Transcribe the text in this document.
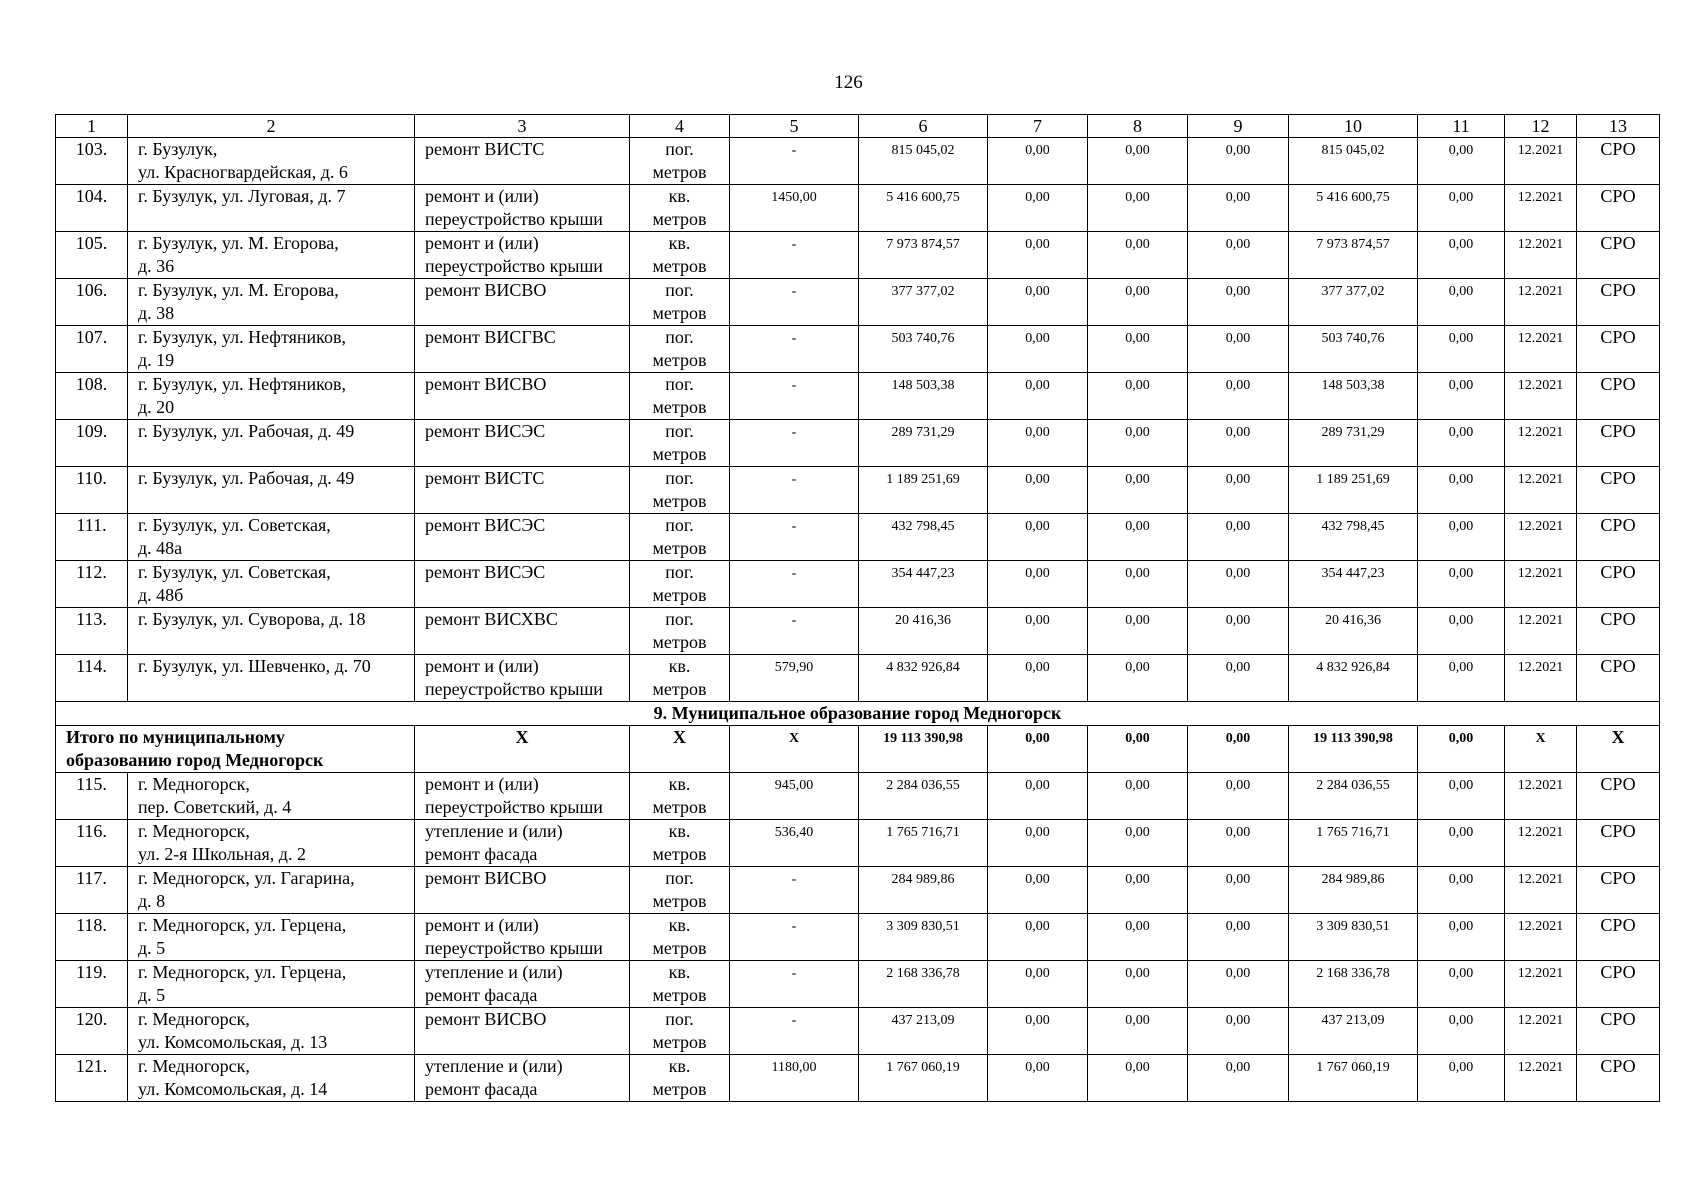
126
1	2	3	4	5	6	7	8	9	10	11	12	13
103.	г. Бузулук,
ул. Красногвардейская, д. 6	ремонт ВИСТС	пог.
метров	-	815 045,02	0,00	0,00	0,00	815 045,02	0,00	12.2021	СРО
104.	г. Бузулук, ул. Луговая, д. 7	ремонт и (или)
переустройство крыши	кв.
метров	1450,00	5 416 600,75	0,00	0,00	0,00	5 416 600,75	0,00	12.2021	СРО
105.	г. Бузулук, ул. М. Егорова,
д. 36	ремонт и (или)
переустройство крыши	кв.
метров	-	7 973 874,57	0,00	0,00	0,00	7 973 874,57	0,00	12.2021	СРО
106.	г. Бузулук, ул. М. Егорова,
д. 38	ремонт ВИСВО	пог.
метров	-	377 377,02	0,00	0,00	0,00	377 377,02	0,00	12.2021	СРО
107.	г. Бузулук, ул. Нефтяников,
д. 19	ремонт ВИСГВС	пог.
метров	-	503 740,76	0,00	0,00	0,00	503 740,76	0,00	12.2021	СРО
108.	г. Бузулук, ул. Нефтяников,
д. 20	ремонт ВИСВО	пог.
метров	-	148 503,38	0,00	0,00	0,00	148 503,38	0,00	12.2021	СРО
109.	г. Бузулук, ул. Рабочая, д. 49	ремонт ВИСЭС	пог.
метров	-	289 731,29	0,00	0,00	0,00	289 731,29	0,00	12.2021	СРО
110.	г. Бузулук, ул. Рабочая, д. 49	ремонт ВИСТС	пог.
метров	-	1 189 251,69	0,00	0,00	0,00	1 189 251,69	0,00	12.2021	СРО
111.	г. Бузулук, ул. Советская,
д. 48а	ремонт ВИСЭС	пог.
метров	-	432 798,45	0,00	0,00	0,00	432 798,45	0,00	12.2021	СРО
112.	г. Бузулук, ул. Советская,
д. 48б	ремонт ВИСЭС	пог.
метров	-	354 447,23	0,00	0,00	0,00	354 447,23	0,00	12.2021	СРО
113.	г. Бузулук, ул. Суворова, д. 18	ремонт ВИСХВС	пог.
метров	-	20 416,36	0,00	0,00	0,00	20 416,36	0,00	12.2021	СРО
114.	г. Бузулук, ул. Шевченко, д. 70	ремонт и (или)
переустройство крыши	кв.
метров	579,90	4 832 926,84	0,00	0,00	0,00	4 832 926,84	0,00	12.2021	СРО
9. Муниципальное образование город Медногорск												
Итого по муниципальному
образованию город Медногорск		Х	Х	Х	19 113 390,98	0,00	0,00	0,00	19 113 390,98	0,00	Х	Х
115.	г. Медногорск,
пер. Советский, д. 4	ремонт и (или)
переустройство крыши	кв.
метров	945,00	2 284 036,55	0,00	0,00	0,00	2 284 036,55	0,00	12.2021	СРО
116.	г. Медногорск,
ул. 2-я Школьная, д. 2	утепление и (или)
ремонт фасада	кв.
метров	536,40	1 765 716,71	0,00	0,00	0,00	1 765 716,71	0,00	12.2021	СРО
117.	г. Медногорск, ул. Гагарина,
д. 8	ремонт ВИСВО	пог.
метров	-	284 989,86	0,00	0,00	0,00	284 989,86	0,00	12.2021	СРО
118.	г. Медногорск, ул. Герцена,
д. 5	ремонт и (или)
переустройство крыши	кв.
метров	-	3 309 830,51	0,00	0,00	0,00	3 309 830,51	0,00	12.2021	СРО
119.	г. Медногорск, ул. Герцена,
д. 5	утепление и (или)
ремонт фасада	кв.
метров	-	2 168 336,78	0,00	0,00	0,00	2 168 336,78	0,00	12.2021	СРО
120.	г. Медногорск,
ул. Комсомольская, д. 13	ремонт ВИСВО	пог.
метров	-	437 213,09	0,00	0,00	0,00	437 213,09	0,00	12.2021	СРО
121.	г. Медногорск,
ул. Комсомольская, д. 14	утепление и (или)
ремонт фасада	кв.
метров	1180,00	1 767 060,19	0,00	0,00	0,00	1 767 060,19	0,00	12.2021	СРО
